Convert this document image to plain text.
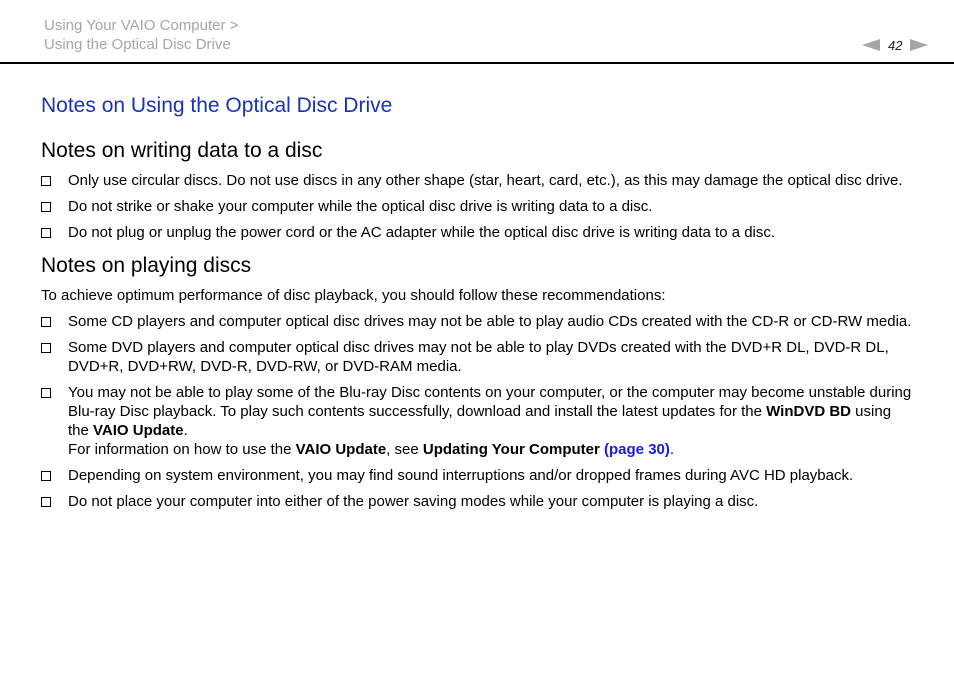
Using Your VAIO Computer >
Using the Optical Disc Drive	42
Notes on Using the Optical Disc Drive
Notes on writing data to a disc
Only use circular discs. Do not use discs in any other shape (star, heart, card, etc.), as this may damage the optical disc drive.
Do not strike or shake your computer while the optical disc drive is writing data to a disc.
Do not plug or unplug the power cord or the AC adapter while the optical disc drive is writing data to a disc.
Notes on playing discs
To achieve optimum performance of disc playback, you should follow these recommendations:
Some CD players and computer optical disc drives may not be able to play audio CDs created with the CD-R or CD-RW media.
Some DVD players and computer optical disc drives may not be able to play DVDs created with the DVD+R DL, DVD-R DL, DVD+R, DVD+RW, DVD-R, DVD-RW, or DVD-RAM media.
You may not be able to play some of the Blu-ray Disc contents on your computer, or the computer may become unstable during Blu-ray Disc playback. To play such contents successfully, download and install the latest updates for the WinDVD BD using the VAIO Update.
For information on how to use the VAIO Update, see Updating Your Computer (page 30).
Depending on system environment, you may find sound interruptions and/or dropped frames during AVC HD playback.
Do not place your computer into either of the power saving modes while your computer is playing a disc.
